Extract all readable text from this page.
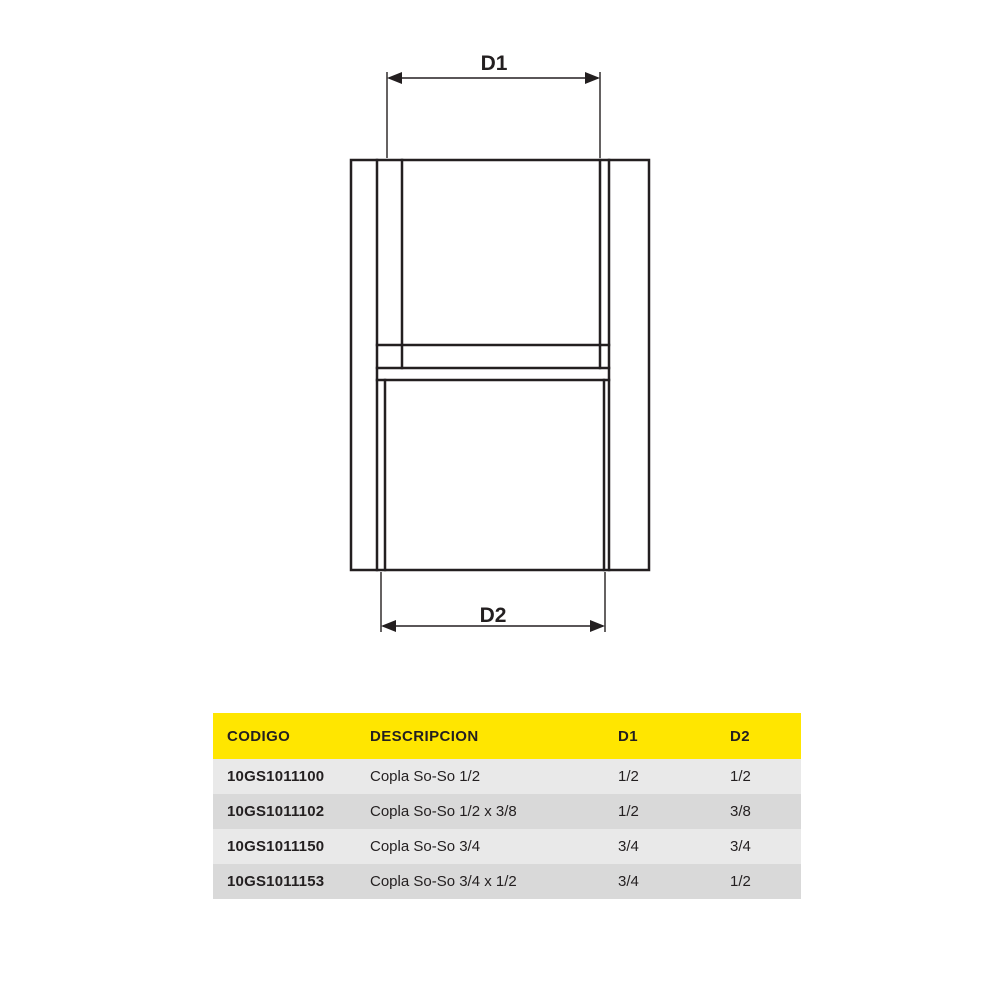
D1
D2
CODIGO	DESCRIPCION	D1	D2
10GS1011100	Copla So-So 1/2	1/2	1/2
10GS1011102	Copla So-So 1/2 x 3/8	1/2	3/8
10GS1011150	Copla So-So 3/4	3/4	3/4
10GS1011153	Copla So-So 3/4 x 1/2	3/4	1/2
